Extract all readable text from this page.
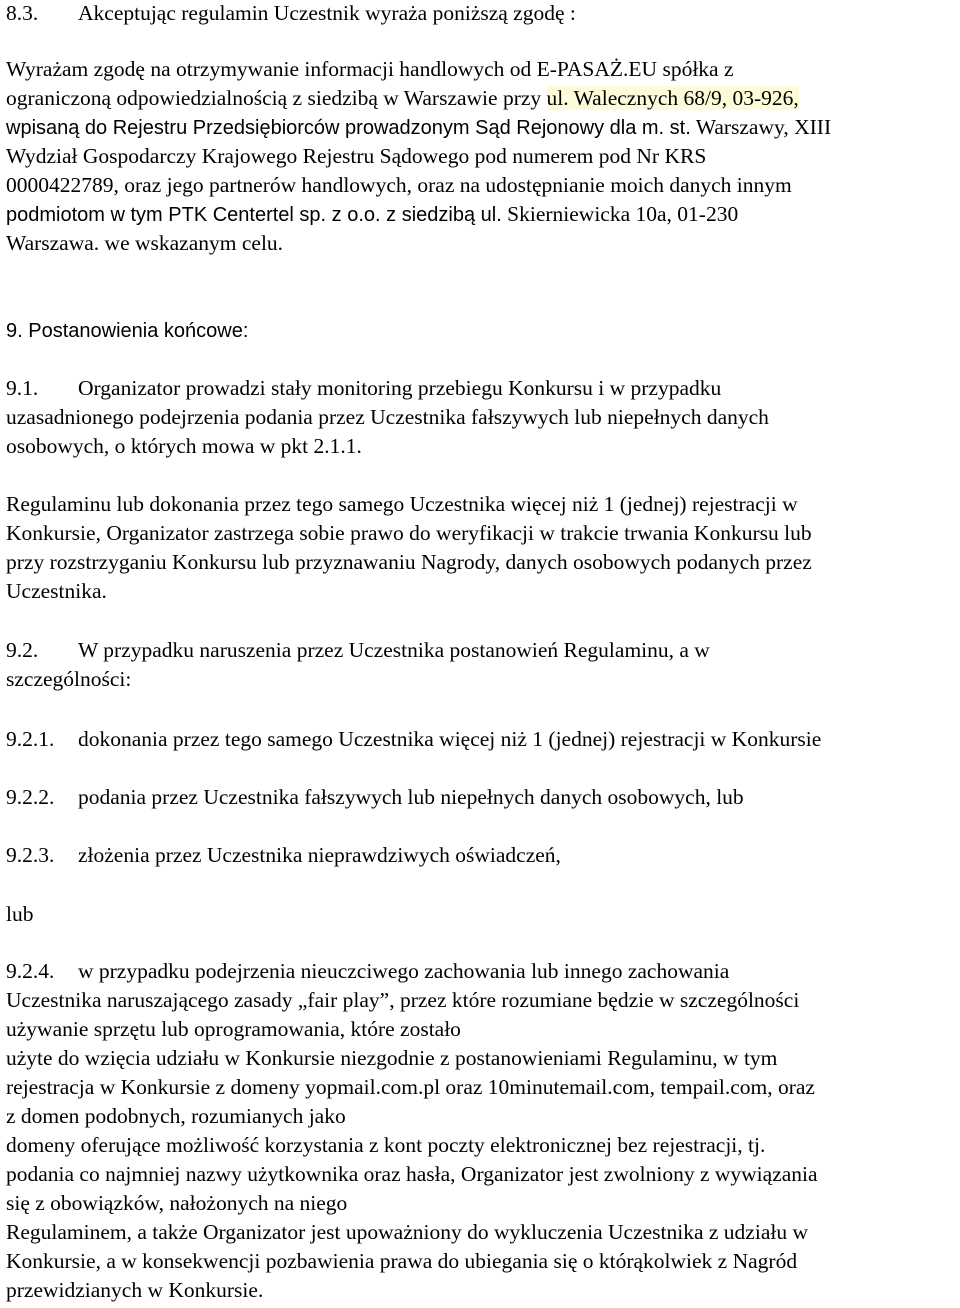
8.3. Akceptując regulamin Uczestnik wyraża poniższą zgodę :
Wyrażam zgodę na otrzymywanie informacji handlowych od E-PASAŻ.EU spółka z
ograniczoną odpowiedzialnością z siedzibą w Warszawie przy ul. Walecznych 68/9, 03-926,
wpisaną do Rejestru Przedsiębiorców prowadzonym Sąd Rejonowy dla m. st. Warszawy, XIII
Wydział Gospodarczy Krajowego Rejestru Sądowego pod numerem pod Nr KRS
0000422789, oraz jego partnerów handlowych, oraz na udostępnianie moich danych innym
podmiotom w tym PTK Centertel sp. z o.o. z siedzibą ul. Skierniewicka 10a, 01-230
Warszawa. we wskazanym celu.
9. Postanowienia końcowe:
9.1. Organizator prowadzi stały monitoring przebiegu Konkursu i w przypadku
uzasadnionego podejrzenia podania przez Uczestnika fałszywych lub niepełnych danych
osobowych, o których mowa w pkt 2.1.1.
Regulaminu lub dokonania przez tego samego Uczestnika więcej niż 1 (jednej) rejestracji w
Konkursie, Organizator zastrzega sobie prawo do weryfikacji w trakcie trwania Konkursu lub
przy rozstrzyganiu Konkursu lub przyznawaniu Nagrody, danych osobowych podanych przez
Uczestnika.
9.2. W przypadku naruszenia przez Uczestnika postanowień Regulaminu, a w
szczególności:
9.2.1. dokonania przez tego samego Uczestnika więcej niż 1 (jednej) rejestracji w Konkursie
9.2.2. podania przez Uczestnika fałszywych lub niepełnych danych osobowych, lub
9.2.3. złożenia przez Uczestnika nieprawdziwych oświadczeń,
lub
9.2.4. w przypadku podejrzenia nieuczciwego zachowania lub innego zachowania
Uczestnika naruszającego zasady „fair play”, przez które rozumiane będzie w szczególności
używanie sprzętu lub oprogramowania, które zostało
użyte do wzięcia udziału w Konkursie niezgodnie z postanowieniami Regulaminu, w tym
rejestracja w Konkursie z domeny yopmail.com.pl oraz 10minutemail.com, tempail.com, oraz
z domen podobnych, rozumianych jako
domeny oferujące możliwość korzystania z kont poczty elektronicznej bez rejestracji, tj.
podania co najmniej nazwy użytkownika oraz hasła, Organizator jest zwolniony z wywiązania
się z obowiązków, nałożonych na niego
Regulaminem, a także Organizator jest upoważniony do wykluczenia Uczestnika z udziału w
Konkursie, a w konsekwencji pozbawienia prawa do ubiegania się o którąkolwiek z Nagród
przewidzianych w Konkursie.
